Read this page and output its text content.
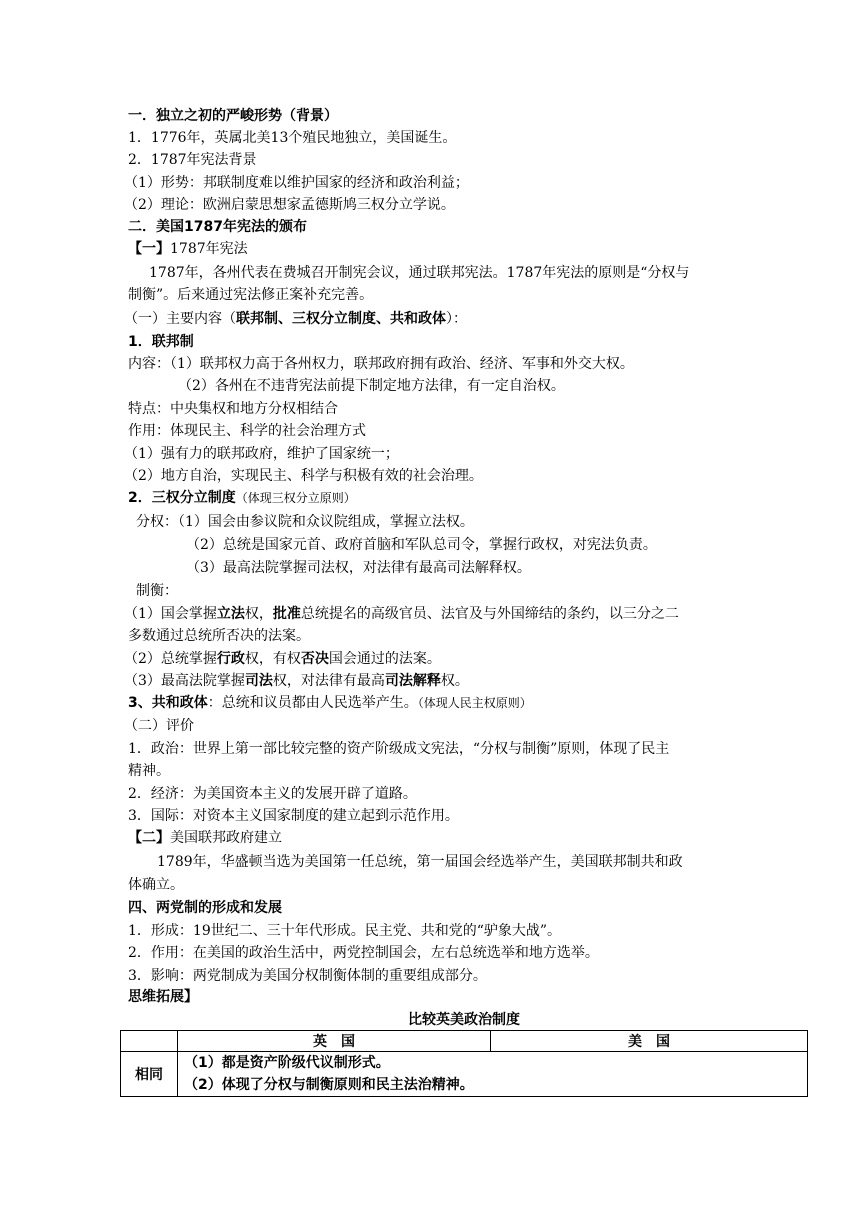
一．独立之初的严峻形势（背景）
1．1776年，英属北美13个殖民地独立，美国诞生。
2．1787年宪法背景
（1）形势：邦联制度难以维护国家的经济和政治利益；
（2）理论：欧洲启蒙思想家孟德斯鸠三权分立学说。
二．美国1787年宪法的颁布
【一】1787年宪法
1787年，各州代表在费城召开制宪会议，通过联邦宪法。1787年宪法的原则是“分权与
制衡”。后来通过宪法修正案补充完善。
（一）主要内容（联邦制、三权分立制度、共和政体）：
1．联邦制
内容：（1）联邦权力高于各州权力，联邦政府拥有政治、经济、军事和外交大权。
（2）各州在不违背宪法前提下制定地方法律，有一定自治权。
特点：中央集权和地方分权相结合
作用：体现民主、科学的社会治理方式
（1）强有力的联邦政府，维护了国家统一；
（2）地方自治，实现民主、科学与积极有效的社会治理。
2．三权分立制度（体现三权分立原则）
分权：（1）国会由参议院和众议院组成，掌握立法权。
（2）总统是国家元首、政府首脑和军队总司令，掌握行政权，对宪法负责。
（3）最高法院掌握司法权，对法律有最高司法解释权。
制衡：
（1）国会掌握立法权，批准总统提名的高级官员、法官及与外国缔结的条约，以三分之二
多数通过总统所否决的法案。
（2）总统掌握行政权，有权否决国会通过的法案。
（3）最高法院掌握司法权，对法律有最高司法解释权。
3、共和政体：总统和议员都由人民选举产生。（体现人民主权原则）
（二）评价
1．政治：世界上第一部比较完整的资产阶级成文宪法，“分权与制衡”原则，体现了民主
精神。
2．经济：为美国资本主义的发展开辟了道路。
3．国际：对资本主义国家制度的建立起到示范作用。
【二】美国联邦政府建立
1789年，华盛顿当选为美国第一任总统，第一届国会经选举产生，美国联邦制共和政
体确立。
四、两党制的形成和发展
1．形成：19世纪二、三十年代形成。民主党、共和党的“驴象大战”。
2．作用：在美国的政治生活中，两党控制国会，左右总统选举和地方选举。
3．影响：两党制成为美国分权制衡体制的重要组成部分。
思维拓展】
比较英美政治制度
	英　国	美　国
相同	（1）都是资产阶级代议制形式。
（2）体现了分权与制衡原则和民主法治精神。	
